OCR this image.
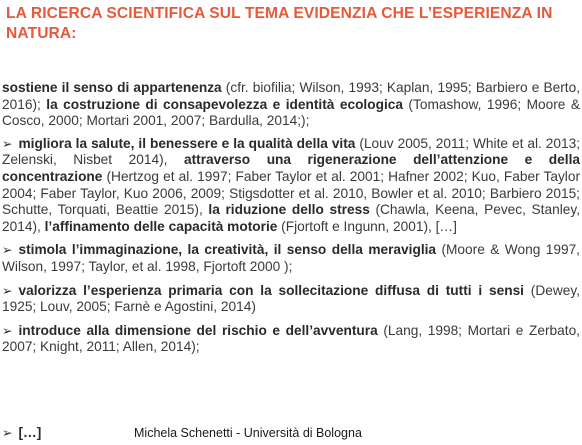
LA RICERCA SCIENTIFICA SUL TEMA EVIDENZIA CHE L’ESPERIENZA IN NATURA:

sostiene il senso di appartenenza (cfr. biofilia; Wilson, 1993; Kaplan, 1995; Barbiero e Berto, 2016); la costruzione di consapevolezza e identità ecologica (Tomashow, 1996; Moore & Cosco, 2000; Mortari 2001, 2007; Bardulla, 2014;);

➢ migliora la salute, il benessere e la qualità della vita (Louv 2005, 2011; White et al. 2013; Zelenski, Nisbet 2014), attraverso una rigenerazione dell’attenzione e della concentrazione (Hertzog et al. 1997; Faber Taylor et al. 2001; Hafner 2002; Kuo, Faber Taylor 2004; Faber Taylor, Kuo 2006, 2009; Stigsdotter et al. 2010, Bowler et al. 2010; Barbiero 2015; Schutte, Torquati, Beattie 2015), la riduzione dello stress (Chawla, Keena, Pevec, Stanley, 2014), l’affinamento delle capacità motorie (Fjortoft e Ingunn, 2001), […]

➢ stimola l’immaginazione, la creatività, il senso della meraviglia (Moore & Wong 1997, Wilson, 1997; Taylor, et al. 1998, Fjortoft 2000 );

➢ valorizza l’esperienza primaria con la sollecitazione diffusa di tutti i sensi (Dewey, 1925; Louv, 2005; Farnè e Agostini, 2014)

➢ introduce alla dimensione del rischio e dell’avventura (Lang, 1998; Mortari e Zerbato, 2007; Knight, 2011; Allen, 2014);

➢ […]	Michela Schenetti - Università di Bologna
